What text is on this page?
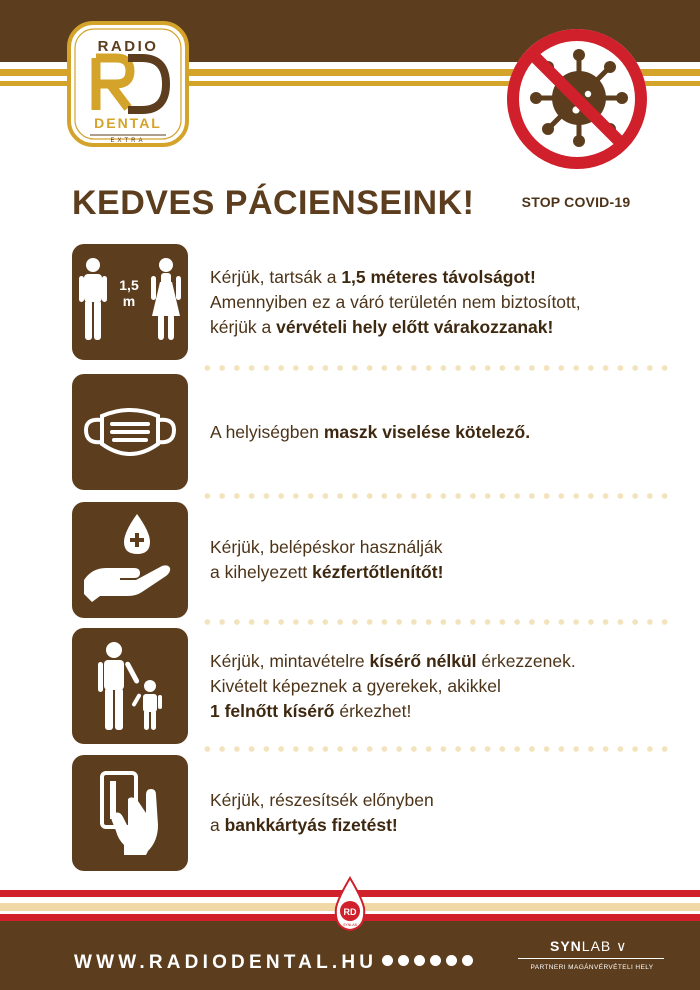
RADIO
DENTAL
EXTRA
STOP COVID-19
KEDVES PÁCIENSEINK!
1,5
m
Kérjük, tartsák a 1,5 méteres távolságot!
Amennyiben ez a váró területén nem biztosított,
kérjük a vérvételi hely előtt várakozzanak!
A helyiségben maszk viselése kötelező.
Kérjük, belépéskor használják
a kihelyezett kézfertőtlenítőt!
Kérjük, mintavételre kísérő nélkül érkezzenek.
Kivételt képeznek a gyerekek, akikkel
1 felnőtt kísérő érkezhet!
Kérjük, részesítsék előnyben
a bankkártyás fizetést!
RD
SYNLAB
WWW.RADIODENTAL.HU
SYNLAB ∨
PARTNERI MAGÁNVÉRVÉTELI HELY
